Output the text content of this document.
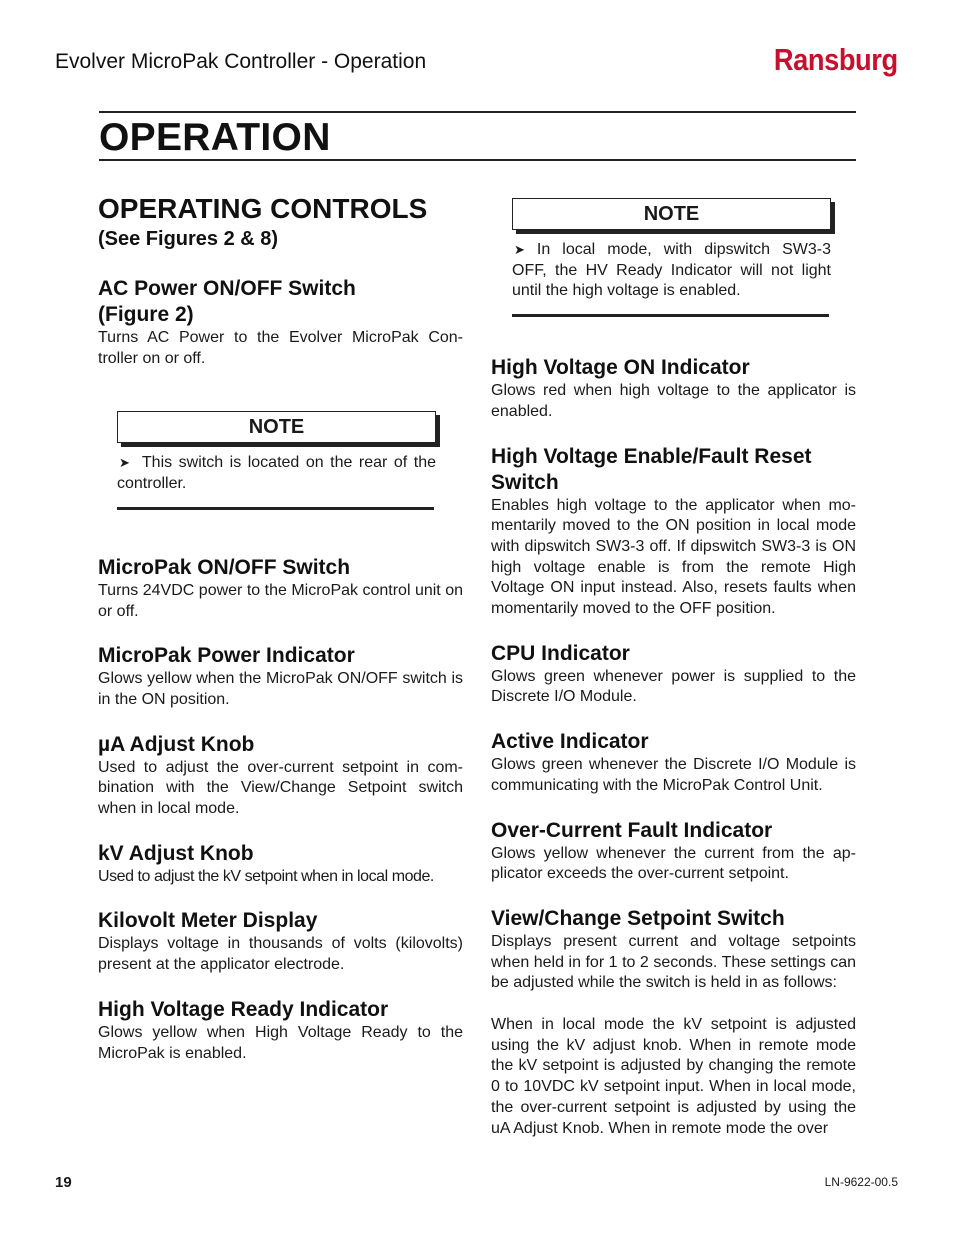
Evolver MicroPak Controller - Operation	Ransburg
OPERATION
OPERATING CONTROLS
(See Figures 2 & 8)
AC Power ON/OFF Switch
(Figure 2)
Turns AC Power to the Evolver MicroPak Con-troller on or off.
NOTE
➤ This switch is located on the rear of the controller.
MicroPak ON/OFF Switch
Turns 24VDC power to the MicroPak control unit on or off.
MicroPak Power Indicator
Glows yellow when the MicroPak ON/OFF switch is in the ON position.
µA Adjust Knob
Used to adjust the over-current setpoint in com-bination with the View/Change Setpoint switch when in local mode.
kV Adjust Knob
Used to adjust the kV setpoint when in local mode.
Kilovolt Meter Display
Displays voltage in thousands of volts (kilovolts) present at the applicator electrode.
High Voltage Ready Indicator
Glows yellow when High Voltage Ready to the MicroPak is enabled.
NOTE
➤ In local mode, with dipswitch SW3-3 OFF, the HV Ready Indicator will not light until the high voltage is enabled.
High Voltage ON Indicator
Glows red when high voltage to the applicator is enabled.
High Voltage Enable/Fault Reset
Switch
Enables high voltage to the applicator when mo-mentarily moved to the ON position in local mode with dipswitch SW3-3 off. If dipswitch SW3-3 is ON high voltage enable is from the remote High Voltage ON input instead. Also, resets faults when momentarily moved to the OFF position.
CPU Indicator
Glows green whenever power is supplied to the Discrete I/O Module.
Active Indicator
Glows green whenever the Discrete I/O Module is communicating with the MicroPak Control Unit.
Over-Current Fault Indicator
Glows yellow whenever the current from the ap-plicator exceeds the over-current setpoint.
View/Change Setpoint Switch
Displays present current and voltage setpoints when held in for 1 to 2 seconds. These settings can be adjusted while the switch is held in as follows:
When in local mode the kV setpoint is adjusted using the kV adjust knob. When in remote mode the kV setpoint is adjusted by changing the remote 0 to 10VDC kV setpoint input. When in local mode, the over-current setpoint is adjusted by using the uA Adjust Knob. When in remote mode the over
19	LN-9622-00.5
